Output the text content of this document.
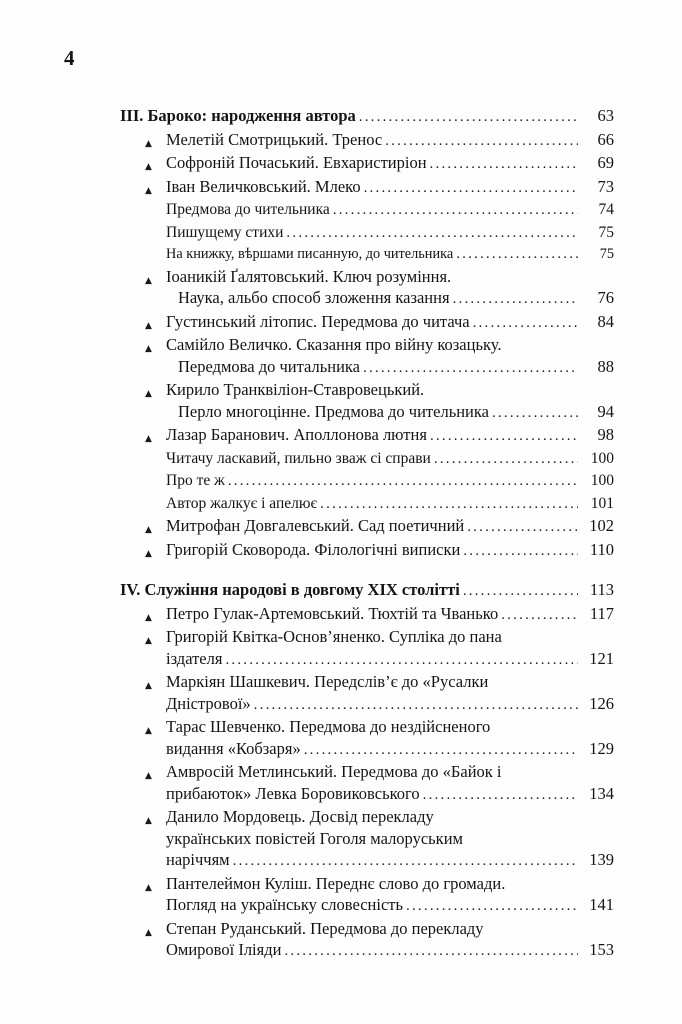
4
III. Бароко: народження автора .....	63
▲ Мелетій Смотрицький. Тренос .....	66
▲ Софроній Почаський. Евхаристиріон .....	69
▲ Іван Величковський. Млеко .....	73
Предмова до чительника .....	74
Пишущему стихи .....	75
На книжку, вѣршами писанную, до чительника .....	75
▲ Іоаникій Ґалятовський. Ключ розуміння.
Наука, альбо способ зложення казання .....	76
▲ Густинський літопис. Передмова до читача .....	84
▲ Самійло Величко. Сказання про війну козацьку.
Передмова до читальника .....	88
▲ Кирило Транквіліон-Ставровецький.
Перло многоцінне. Предмова до чительника .....	94
▲ Лазар Баранович. Аполлонова лютня .....	98
Читачу ласкавий, пильно зваж сі справи .....	100
Про те ж .....	100
Автор жалкує і апелює .....	101
▲ Митрофан Довгалевський. Сад поетичний .....	102
▲ Григорій Сковорода. Філологічні виписки .....	110
IV. Служіння народові в довгому XIX столітті .....	113
▲ Петро Гулак-Артемовський. Тюхтій та Чванько .....	117
▲ Григорій Квітка-Основ’яненко. Супліка до пана
іздателя .....	121
▲ Маркіян Шашкевич. Передслів’є до «Русалки
Дністрової» .....	126
▲ Тарас Шевченко. Передмова до нездійсненого
видання «Кобзаря» .....	129
▲ Амвросій Метлинський. Передмова до «Байок і
прибаюток» Левка Боровиковського .....	134
▲ Данило Мордовець. Досвід перекладу
українських повістей Гоголя малоруським
наріччям .....	139
▲ Пантелеймон Куліш. Переднє слово до громади.
Погляд на українську словесність .....	141
▲ Степан Руданський. Передмова до перекладу
Омирової Іліяди .....	153
